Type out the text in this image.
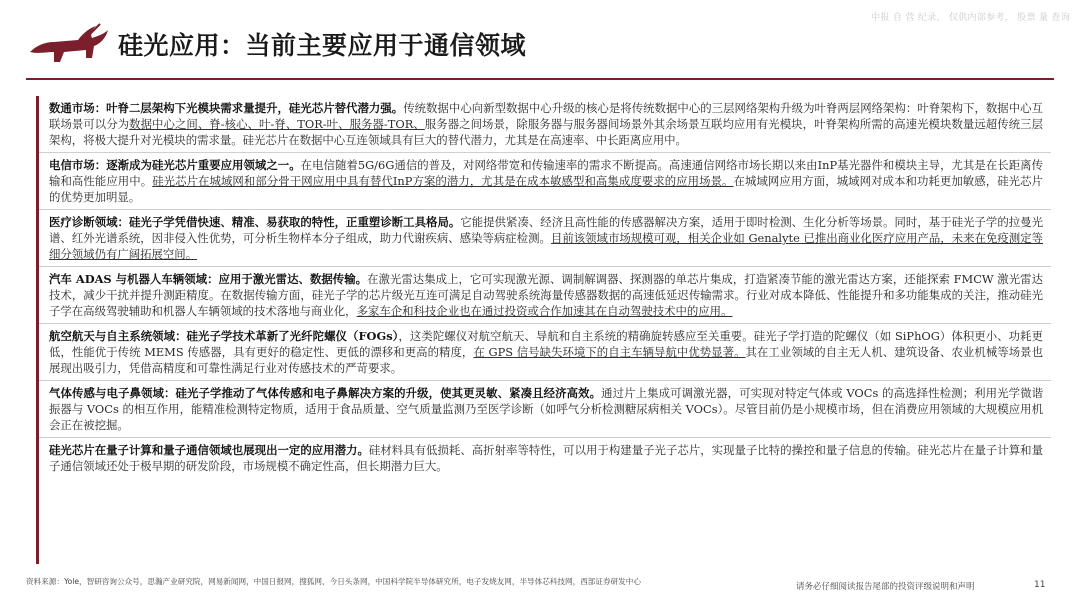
中报 自 营 纪录， 仅供内部参考， 股票 量 查询
硅光应用：当前主要应用于通信领域

数通市场：叶脊二层架构下光模块需求量提升，硅光芯片替代潜力强。传统数据中心向新型数据中心升级的核心是将传统数据中心的三层网络架构升级为叶脊两层网络架构：叶脊架构下，数据中心互联场景可以分为数据中心之间、脊-核心、叶-脊、TOR-叶、服务器-TOR、服务器之间场景，除服务器与服务器间场景外其余场景互联均应用有光模块，叶脊架构所需的高速光模块数量远超传统三层架构，将极大提升对光模块的需求量。硅光芯片在数据中心互连领域具有巨大的替代潜力，尤其是在高速率、中长距离应用中。

电信市场：逐渐成为硅光芯片重要应用领域之一。在电信随着5G/6G通信的普及，对网络带宽和传输速率的需求不断提高。高速通信网络市场长期以来由InP基光器件和模块主导，尤其是在长距离传输和高性能应用中。硅光芯片在城域网和部分骨干网应用中具有替代InP方案的潜力，尤其是在成本敏感型和高集成度要求的应用场景。在城域网应用方面，城域网对成本和功耗更加敏感，硅光芯片的优势更加明显。

医疗诊断领域：硅光子学凭借快速、精准、易获取的特性，正重塑诊断工具格局。它能提供紧凑、经济且高性能的传感器解决方案，适用于即时检测、生化分析等场景。同时，基于硅光子学的拉曼光谱、红外光谱系统，因非侵入性优势，可分析生物样本分子组成，助力代谢疾病、感染等病症检测。目前该领域市场规模可观，相关企业如 Genalyte 已推出商业化医疗应用产品，未来在免疫测定等细分领域仍有广阔拓展空间。

汽车 ADAS 与机器人车辆领域：应用于激光雷达、数据传输。在激光雷达集成上，它可实现激光源、调制解调器、探测器的单芯片集成，打造紧凑节能的激光雷达方案，还能探索 FMCW 激光雷达技术，减少干扰并提升测距精度。在数据传输方面，硅光子学的芯片级光互连可满足自动驾驶系统海量传感器数据的高速低延迟传输需求。行业对成本降低、性能提升和多功能集成的关注，推动硅光子学在高级驾驶辅助和机器人车辆领域的技术落地与商业化，多家车企和科技企业也在通过投资或合作加速其在自动驾驶技术中的应用。

航空航天与自主系统领域：硅光子学技术革新了光纤陀螺仪（FOGs），这类陀螺仪对航空航天、导航和自主系统的精确旋转感应至关重要。硅光子学打造的陀螺仪（如 SiPhOG）体积更小、功耗更低，性能优于传统 MEMS 传感器，具有更好的稳定性、更低的漂移和更高的精度，在 GPS 信号缺失环境下的自主车辆导航中优势显著。其在工业领域的自主无人机、建筑设备、农业机械等场景也展现出吸引力，凭借高精度和可靠性满足行业对传感技术的严苛要求。

气体传感与电子鼻领域：硅光子学推动了气体传感和电子鼻解决方案的升级，使其更灵敏、紧凑且经济高效。通过片上集成可调激光器，可实现对特定气体或 VOCs 的高选择性检测；利用光学微谐振器与 VOCs 的相互作用，能精准检测特定物质，适用于食品质量、空气质量监测乃至医学诊断（如呼气分析检测糖尿病相关 VOCs）。尽管目前仍是小规模市场，但在消费应用领域的大规模应用机会正在被挖掘。

硅光芯片在量子计算和量子通信领域也展现出一定的应用潜力。硅材料具有低损耗、高折射率等特性，可以用于构建量子光子芯片，实现量子比特的操控和量子信息的传输。硅光芯片在量子计算和量子通信领域还处于极早期的研发阶段，市场规模不确定性高，但长期潜力巨大。

资料来源：Yole，智研咨询公众号，思瀚产业研究院，网易新闻网，中国日报网，搜狐网，今日头条网，中国科学院半导体研究所，电子发烧友网，半导体芯科技网，西部证券研发中心
请务必仔细阅读报告尾部的投资评级说明和声明	11
